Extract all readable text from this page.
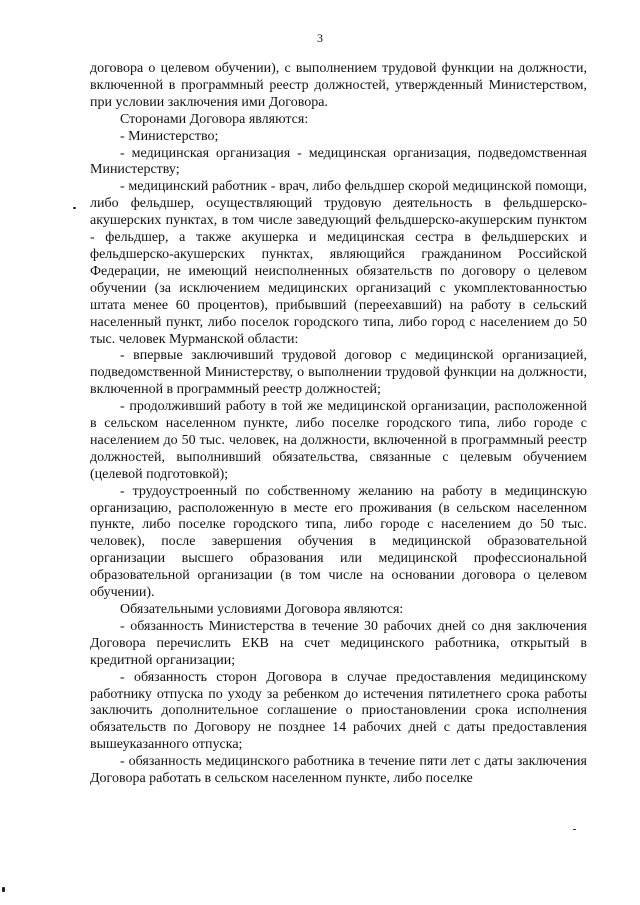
3

договора о целевом обучении), с выполнением трудовой функции на должности, включенной в программный реестр должностей, утвержденный Министерством, при условии заключения ими Договора.

Сторонами Договора являются:

- Министерство;

- медицинская организация - медицинская организация, подведомственная Министерству;

- медицинский работник - врач, либо фельдшер скорой медицинской помощи, либо фельдшер, осуществляющий трудовую деятельность в фельдшерско-акушерских пунктах, в том числе заведующий фельдшерско-акушерским пунктом - фельдшер, а также акушерка и медицинская сестра в фельдшерских и фельдшерско-акушерских пунктах, являющийся гражданином Российской Федерации, не имеющий неисполненных обязательств по договору о целевом обучении (за исключением медицинских организаций с укомплектованностью штата менее 60 процентов), прибывший (переехавший) на работу в сельский населенный пункт, либо поселок городского типа, либо город с населением до 50 тыс. человек Мурманской области:

- впервые заключивший трудовой договор с медицинской организацией, подведомственной Министерству, о выполнении трудовой функции на должности, включенной в программный реестр должностей;

- продолживший работу в той же медицинской организации, расположенной в сельском населенном пункте, либо поселке городского типа, либо городе с населением до 50 тыс. человек, на должности, включенной в программный реестр должностей, выполнивший обязательства, связанные с целевым обучением (целевой подготовкой);

- трудоустроенный по собственному желанию на работу в медицинскую организацию, расположенную в месте его проживания (в сельском населенном пункте, либо поселке городского типа, либо городе с населением до 50 тыс. человек), после завершения обучения в медицинской образовательной организации высшего образования или медицинской профессиональной образовательной организации (в том числе на основании договора о целевом обучении).

Обязательными условиями Договора являются:

- обязанность Министерства в течение 30 рабочих дней со дня заключения Договора перечислить ЕКВ на счет медицинского работника, открытый в кредитной организации;

- обязанность сторон Договора в случае предоставления медицинскому работнику отпуска по уходу за ребенком до истечения пятилетнего срока работы заключить дополнительное соглашение о приостановлении срока исполнения обязательств по Договору не позднее 14 рабочих дней с даты предоставления вышеуказанного отпуска;

- обязанность медицинского работника в течение пяти лет с даты заключения Договора работать в сельском населенном пункте, либо поселке
